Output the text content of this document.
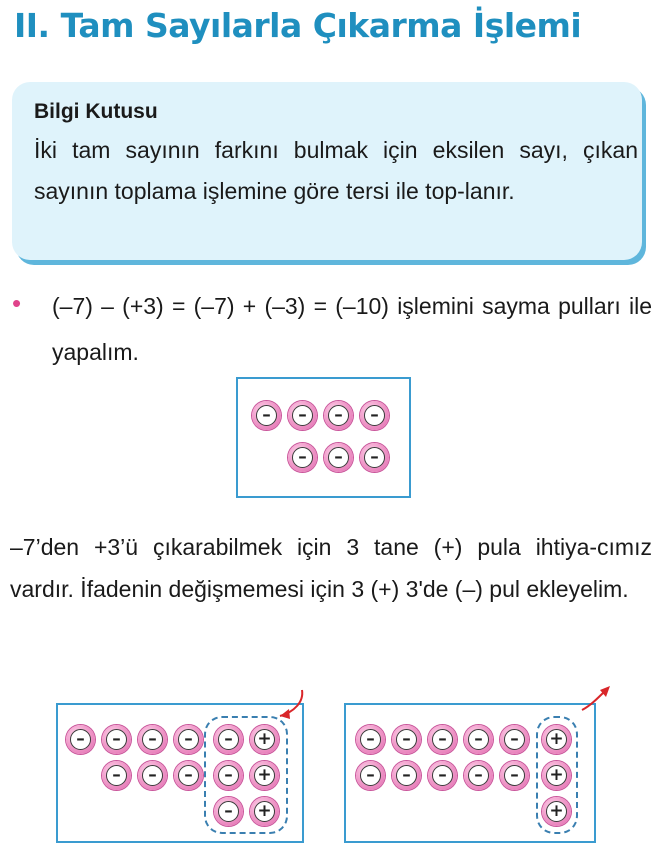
II. Tam Sayılarla Çıkarma İşlemi
Bilgi Kutusu
İki tam sayının farkını bulmak için eksilen sayı, çıkan sayının toplama işlemine göre tersi ile top-lanır.
• (–7) – (+3) = (–7) + (–3) = (–10) işlemini sayma pulları ile yapalım.
–	–	–	–
–	–	–
–7’den +3’ü çıkarabilmek için 3 tane (+) pula ihtiya-cımız vardır. İfadenin değişmemesi için 3 (+) 3'de (–) pul ekleyelim.
–	–	–	–
–	–	–
–
–
–
+
+
+
–	–	–	–	–
–	–	–	–	–
+
+
+
